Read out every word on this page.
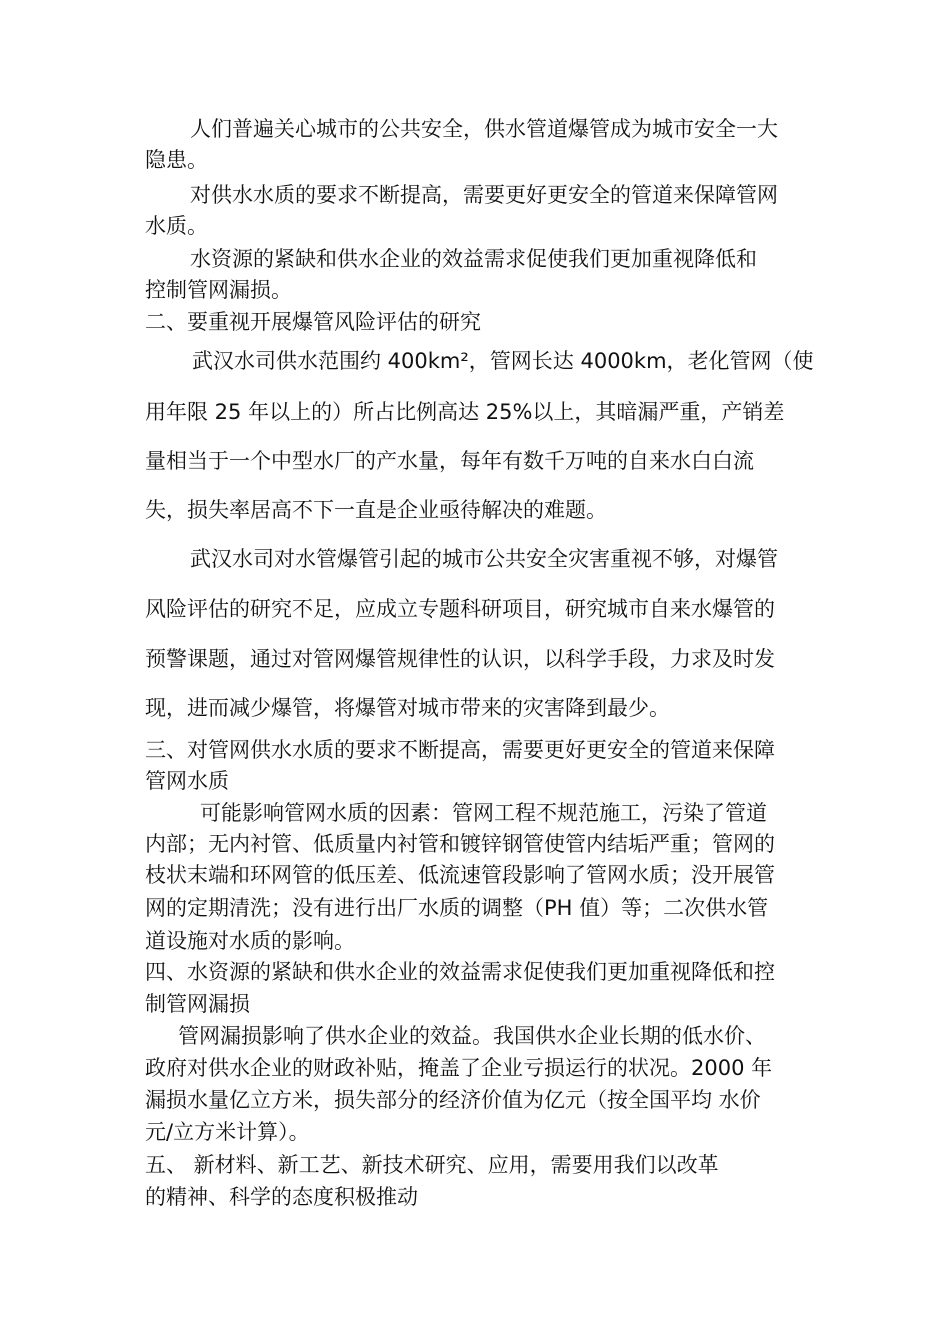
人们普遍关心城市的公共安全，供水管道爆管成为城市安全一大
隐患。
对供水水质的要求不断提高，需要更好更安全的管道来保障管网
水质。
水资源的紧缺和供水企业的效益需求促使我们更加重视降低和
控制管网漏损。
二、要重视开展爆管风险评估的研究
武汉水司供水范围约 400km²，管网长达 4000km，老化管网（使
用年限 25 年以上的）所占比例高达 25%以上，其暗漏严重，产销差
量相当于一个中型水厂的产水量，每年有数千万吨的自来水白白流
失，损失率居高不下一直是企业亟待解决的难题。
武汉水司对水管爆管引起的城市公共安全灾害重视不够，对爆管
风险评估的研究不足，应成立专题科研项目，研究城市自来水爆管的
预警课题，通过对管网爆管规律性的认识，以科学手段，力求及时发
现，进而减少爆管，将爆管对城市带来的灾害降到最少。
三、对管网供水水质的要求不断提高，需要更好更安全的管道来保障
管网水质
可能影响管网水质的因素：管网工程不规范施工，污染了管道
内部；无内衬管、低质量内衬管和镀锌钢管使管内结垢严重；管网的
枝状末端和环网管的低压差、低流速管段影响了管网水质；没开展管
网的定期清洗；没有进行出厂水质的调整（PH 值）等；二次供水管
道设施对水质的影响。
四、水资源的紧缺和供水企业的效益需求促使我们更加重视降低和控
制管网漏损
管网漏损影响了供水企业的效益。我国供水企业长期的低水价、
政府对供水企业的财政补贴，掩盖了企业亏损运行的状况。2000 年
漏损水量亿立方米，损失部分的经济价值为亿元（按全国平均 水价
元/立方米计算）。
五、 新材料、新工艺、新技术研究、应用，需要用我们以改革
的精神、科学的态度积极推动
